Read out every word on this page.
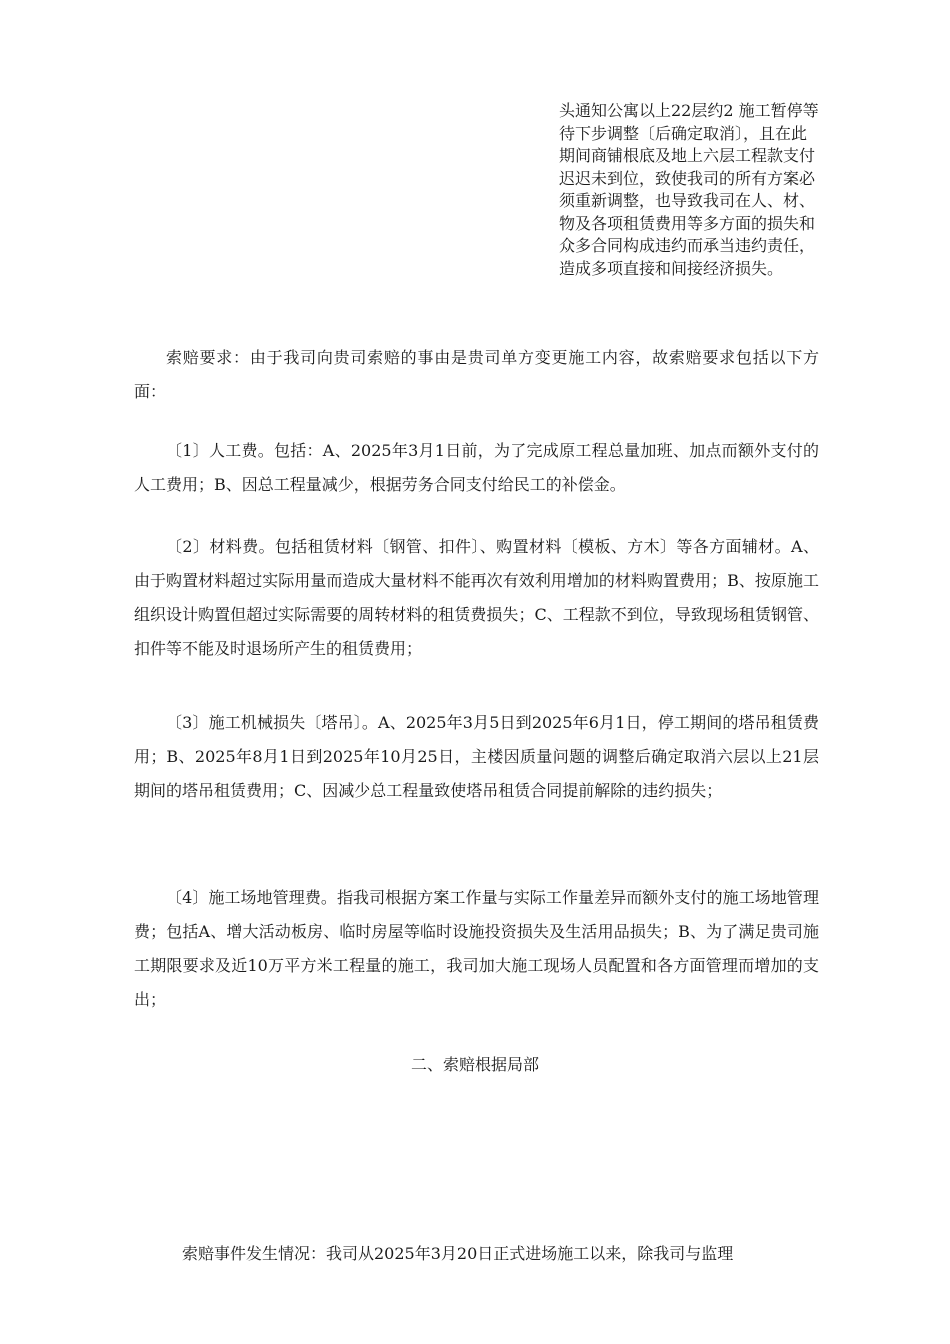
头通知公寓以上22层约2 施工暂停等待下步调整〔后确定取消〕，且在此期间商铺根底及地上六层工程款支付迟迟未到位，致使我司的所有方案必须重新调整，也导致我司在人、材、物及各项租赁费用等多方面的损失和众多合同构成违约而承当违约责任，造成多项直接和间接经济损失。
索赔要求：由于我司向贵司索赔的事由是贵司单方变更施工内容，故索赔要求包括以下方面：
〔1〕人工费。包括：A、2025年3月1日前，为了完成原工程总量加班、加点而额外支付的人工费用；B、因总工程量减少，根据劳务合同支付给民工的补偿金。
〔2〕材料费。包括租赁材料〔钢管、扣件〕、购置材料〔模板、方木〕等各方面辅材。A、由于购置材料超过实际用量而造成大量材料不能再次有效利用增加的材料购置费用；B、按原施工组织设计购置但超过实际需要的周转材料的租赁费损失；C、工程款不到位，导致现场租赁钢管、扣件等不能及时退场所产生的租赁费用；
〔3〕施工机械损失〔塔吊〕。A、2025年3月5日到2025年6月1日，停工期间的塔吊租赁费用；B、2025年8月1日到2025年10月25日，主楼因质量问题的调整后确定取消六层以上21层期间的塔吊租赁费用；C、因减少总工程量致使塔吊租赁合同提前解除的违约损失；
〔4〕施工场地管理费。指我司根据方案工作量与实际工作量差异而额外支付的施工场地管理费；包括A、增大活动板房、临时房屋等临时设施投资损失及生活用品损失；B、为了满足贵司施工期限要求及近10万平方米工程量的施工，我司加大施工现场人员配置和各方面管理而增加的支出；
二、索赔根据局部
索赔事件发生情况：我司从2025年3月20日正式进场施工以来，除我司与监理
